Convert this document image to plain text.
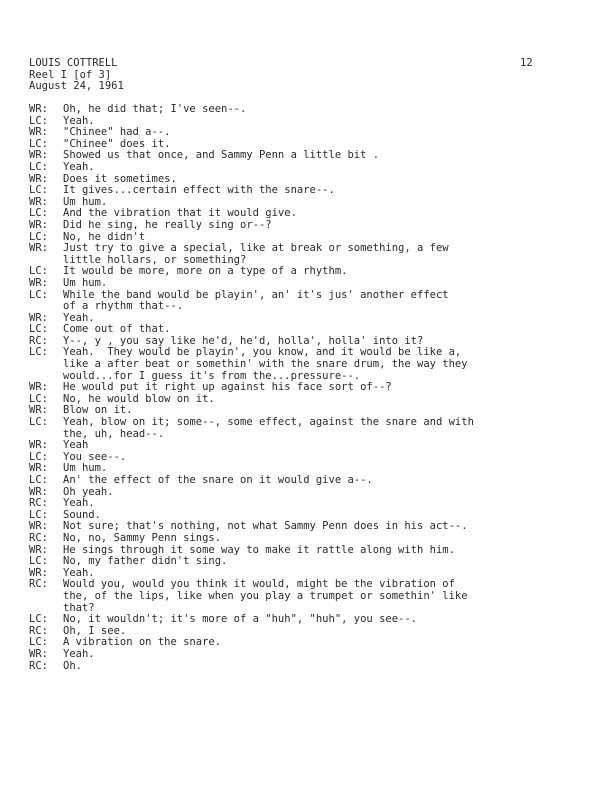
LOUIS COTTRELL
Reel I [of 3]
August 24, 1961
12
WR:	Oh, he did that; I've seen--.
LC:	Yeah.
WR:	"Chinee" had a--.
LC:	"Chinee" does it.
WR:	Showed us that once, and Sammy Penn a little bit .
LC:	Yeah.
WR:	Does it sometimes.
LC:	It gives...certain effect with the snare--.
WR:	Um hum.
LC:	And the vibration that it would give.
WR:	Did he sing, he really sing or--?
LC:	No, he didn't
WR:	Just try to give a special, like at break or something, a few
little hollars, or something?
LC:	It would be more, more on a type of a rhythm.
WR:	Um hum.
LC:	While the band would be playin', an' it's jus' another effect
of a rhythm that--.
WR:	Yeah.
LC:	Come out of that.
RC:	Y--, y , you say like he'd, he'd, holla', holla' into it?
LC:	Yeah.  They would be playin', you know, and it would be like a,
like a after beat or somethin' with the snare drum, the way they
would...for I guess it's from the...pressure--.
WR:	He would put it right up against his face sort of--?
LC:	No, he would blow on it.
WR:	Blow on it.
LC:	Yeah, blow on it; some--, some effect, against the snare and with
the, uh, head--.
WR:	Yeah
LC:	You see--.
WR:	Um hum.
LC:	An' the effect of the snare on it would give a--.
WR:	Oh yeah.
RC:	Yeah.
LC:	Sound.
WR:	Not sure; that's nothing, not what Sammy Penn does in his act--.
RC:	No, no, Sammy Penn sings.
WR:	He sings through it some way to make it rattle along with him.
LC:	No, my father didn't sing.
WR:	Yeah.
RC:	Would you, would you think it would, might be the vibration of
the, of the lips, like when you play a trumpet or somethin' like
that?
LC:	No, it wouldn't; it's more of a "huh", "huh", you see--.
RC:	Oh, I see.
LC:	A vibration on the snare.
WR:	Yeah.
RC:	Oh.
